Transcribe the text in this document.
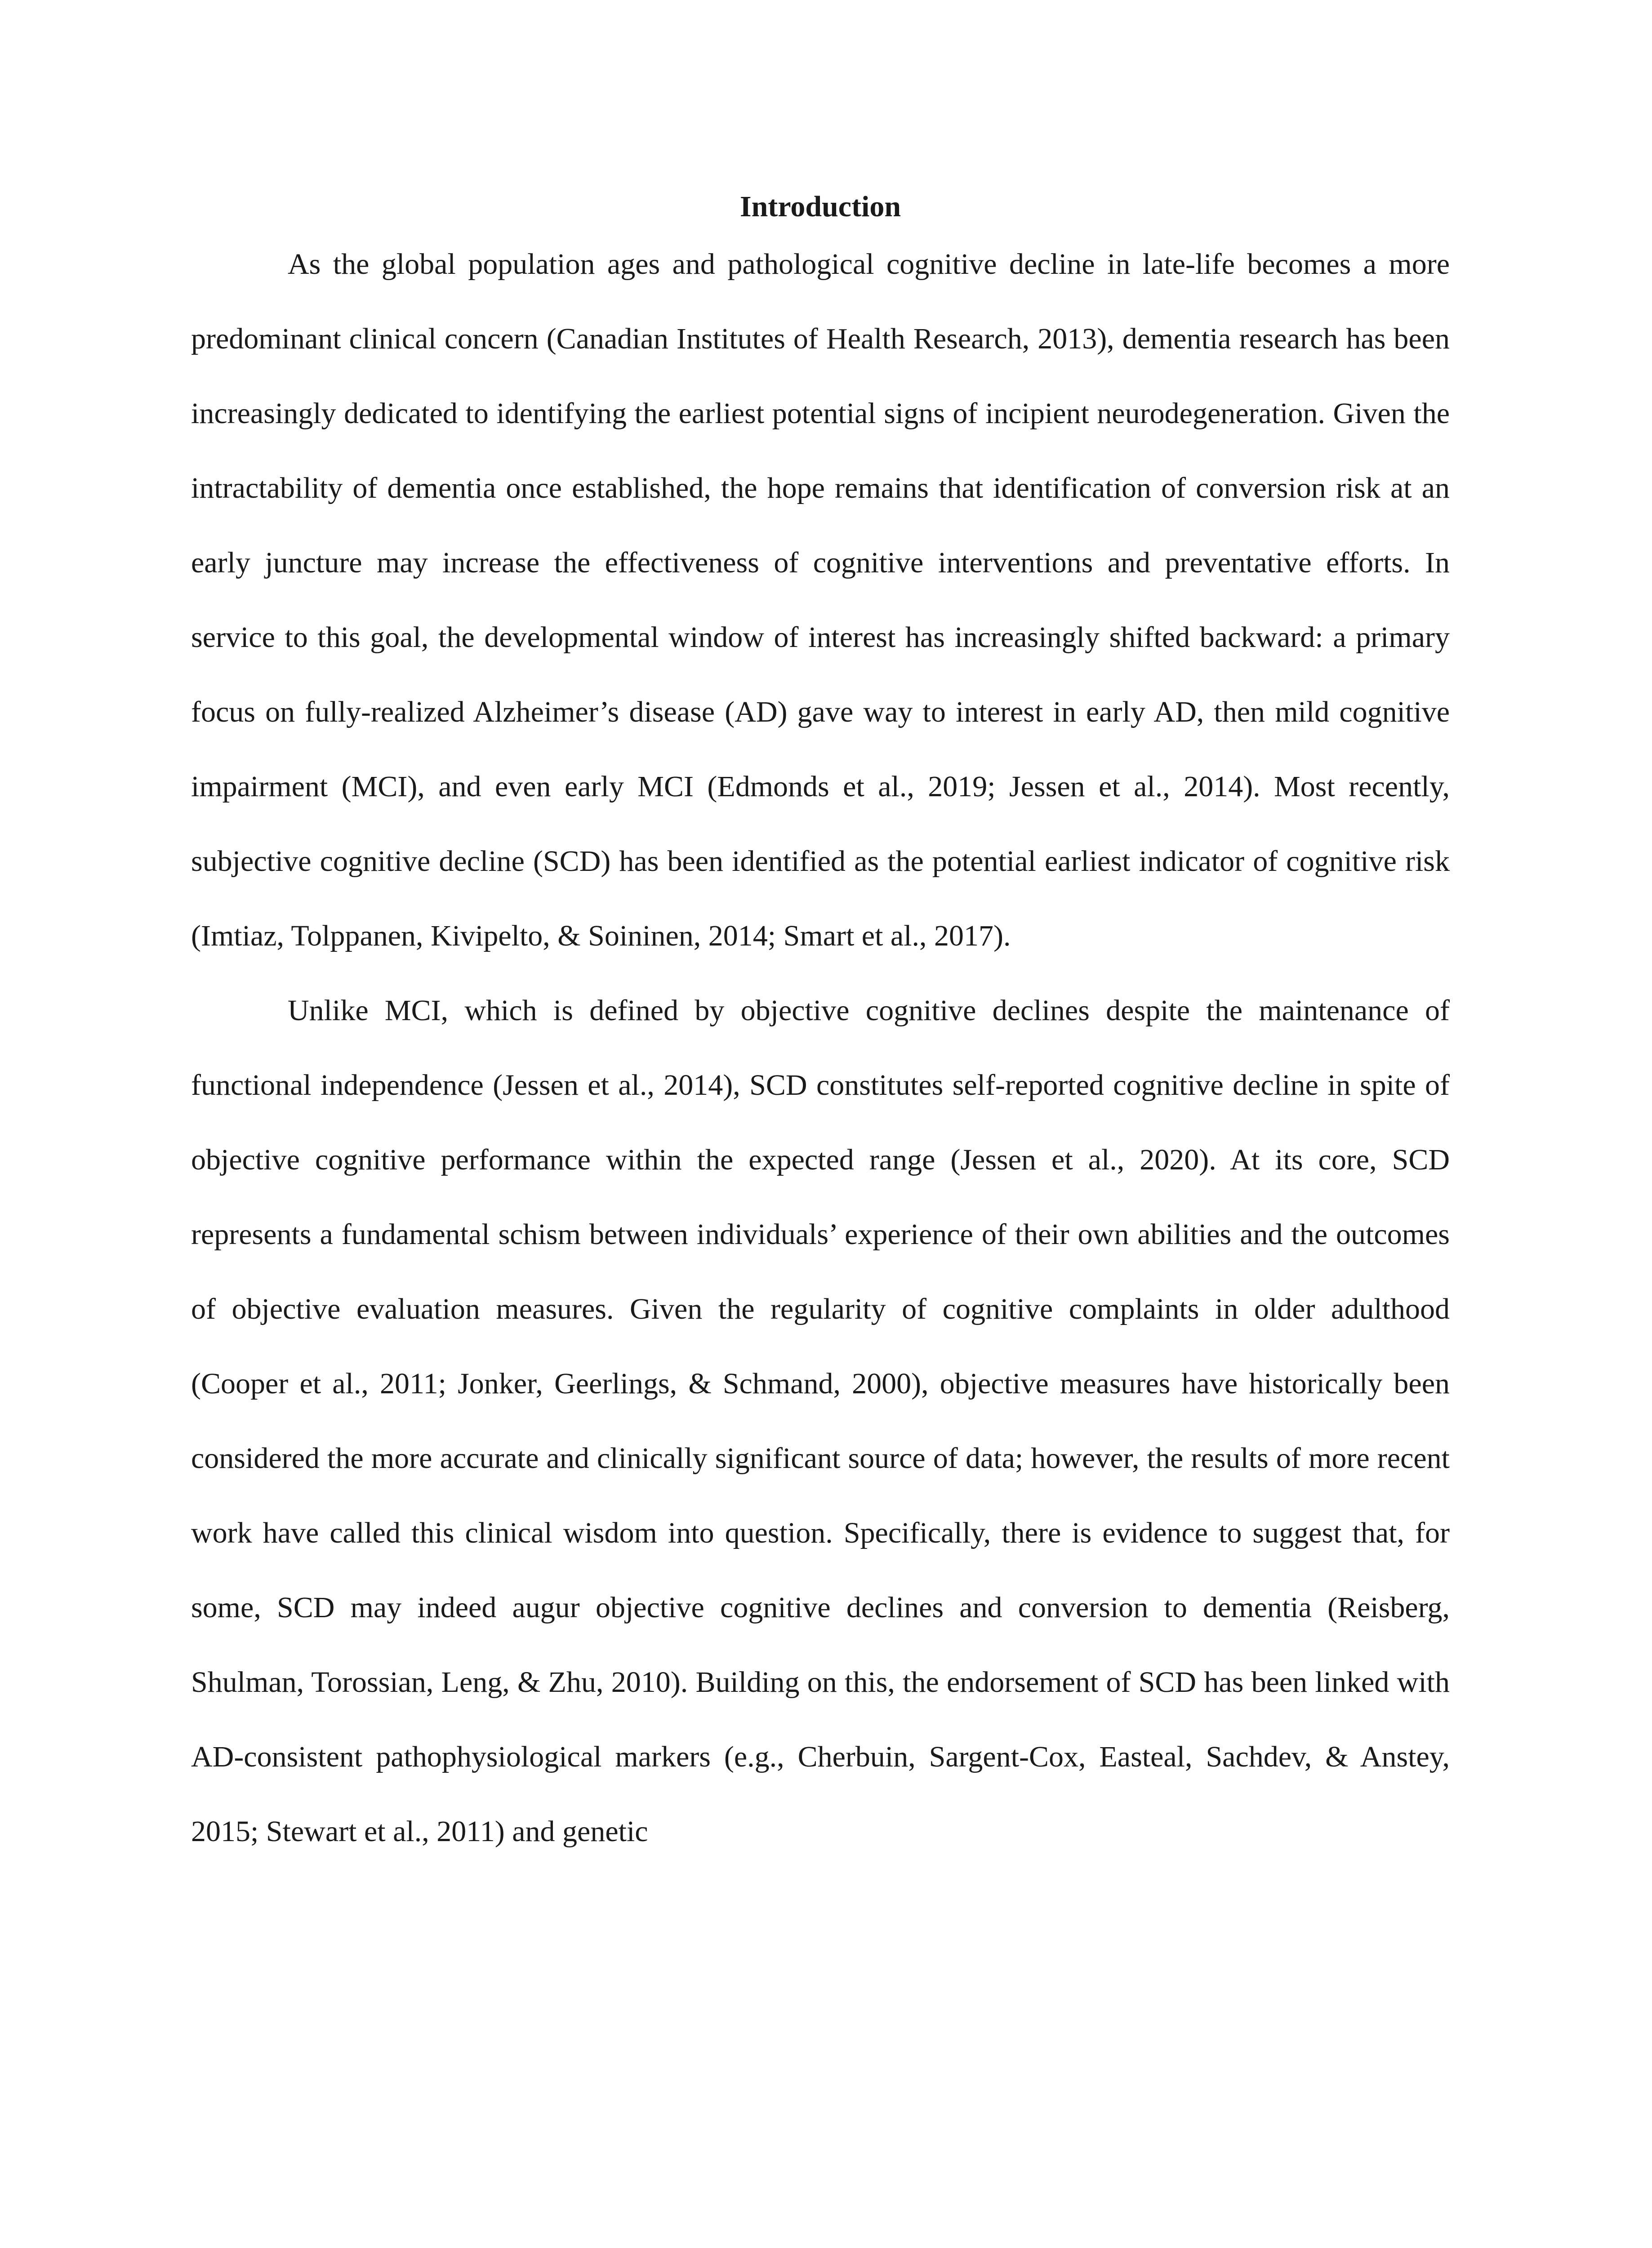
Introduction

As the global population ages and pathological cognitive decline in late-life becomes a more predominant clinical concern (Canadian Institutes of Health Research, 2013), dementia research has been increasingly dedicated to identifying the earliest potential signs of incipient neurodegeneration. Given the intractability of dementia once established, the hope remains that identification of conversion risk at an early juncture may increase the effectiveness of cognitive interventions and preventative efforts. In service to this goal, the developmental window of interest has increasingly shifted backward: a primary focus on fully-realized Alzheimer’s disease (AD) gave way to interest in early AD, then mild cognitive impairment (MCI), and even early MCI (Edmonds et al., 2019; Jessen et al., 2014). Most recently, subjective cognitive decline (SCD) has been identified as the potential earliest indicator of cognitive risk (Imtiaz, Tolppanen, Kivipelto, & Soininen, 2014; Smart et al., 2017).

Unlike MCI, which is defined by objective cognitive declines despite the maintenance of functional independence (Jessen et al., 2014), SCD constitutes self-reported cognitive decline in spite of objective cognitive performance within the expected range (Jessen et al., 2020). At its core, SCD represents a fundamental schism between individuals’ experience of their own abilities and the outcomes of objective evaluation measures. Given the regularity of cognitive complaints in older adulthood (Cooper et al., 2011; Jonker, Geerlings, & Schmand, 2000), objective measures have historically been considered the more accurate and clinically significant source of data; however, the results of more recent work have called this clinical wisdom into question. Specifically, there is evidence to suggest that, for some, SCD may indeed augur objective cognitive declines and conversion to dementia (Reisberg, Shulman, Torossian, Leng, & Zhu, 2010). Building on this, the endorsement of SCD has been linked with AD-consistent pathophysiological markers (e.g., Cherbuin, Sargent-Cox, Easteal, Sachdev, & Anstey, 2015; Stewart et al., 2011) and genetic
